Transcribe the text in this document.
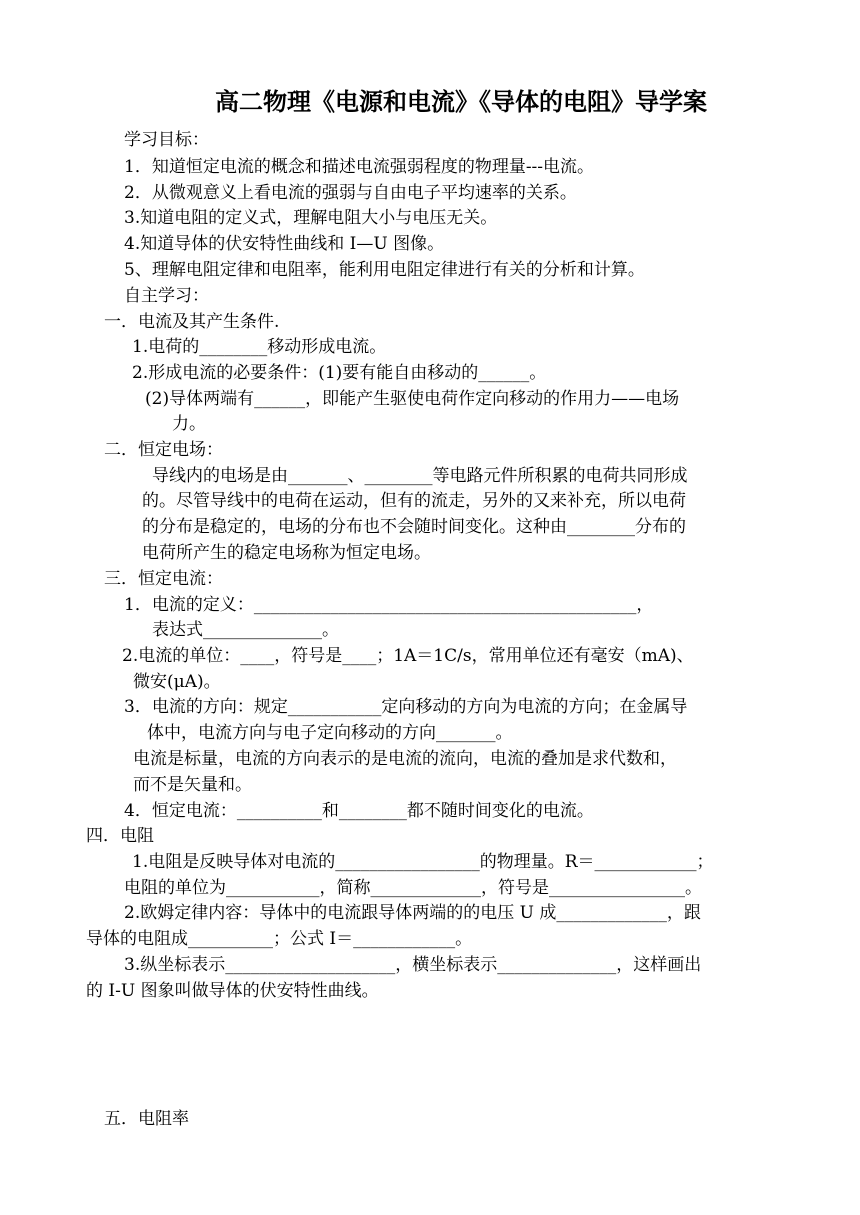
高二物理《电源和电流》《导体的电阻》导学案
学习目标：
1．知道恒定电流的概念和描述电流强弱程度的物理量---电流。
2．从微观意义上看电流的强弱与自由电子平均速率的关系。
3.知道电阻的定义式，理解电阻大小与电压无关。
4.知道导体的伏安特性曲线和 I—U 图像。
5、理解电阻定律和电阻率，能利用电阻定律进行有关的分析和计算。
自主学习：
一．电流及其产生条件.
1.电荷的________移动形成电流。
2.形成电流的必要条件：(1)要有能自由移动的______。
(2)导体两端有______，即能产生驱使电荷作定向移动的作用力——电场
力。
二．恒定电场：
导线内的电场是由_______、________等电路元件所积累的电荷共同形成
的。尽管导线中的电荷在运动，但有的流走，另外的又来补充，所以电荷
的分布是稳定的，电场的分布也不会随时间变化。这种由________分布的
电荷所产生的稳定电场称为恒定电场。
三．恒定电流：
1．电流的定义：_____________________________________________，
表达式______________。
2.电流的单位：____，符号是____；1A＝1C/s，常用单位还有毫安（mA)、
微安(μA)。
3．电流的方向：规定___________定向移动的方向为电流的方向；在金属导
体中，电流方向与电子定向移动的方向_______。
电流是标量，电流的方向表示的是电流的流向，电流的叠加是求代数和，
而不是矢量和。
4．恒定电流：__________和________都不随时间变化的电流。
四．电阻
1.电阻是反映导体对电流的_________________的物理量。R＝____________；
电阻的单位为___________，简称_____________，符号是________________。
2.欧姆定律内容：导体中的电流跟导体两端的的电压 U 成_____________，跟
导体的电阻成__________；公式 I＝____________。
3.纵坐标表示____________________，横坐标表示______________，这样画出
的 I-U 图象叫做导体的伏安特性曲线。
五．电阻率
